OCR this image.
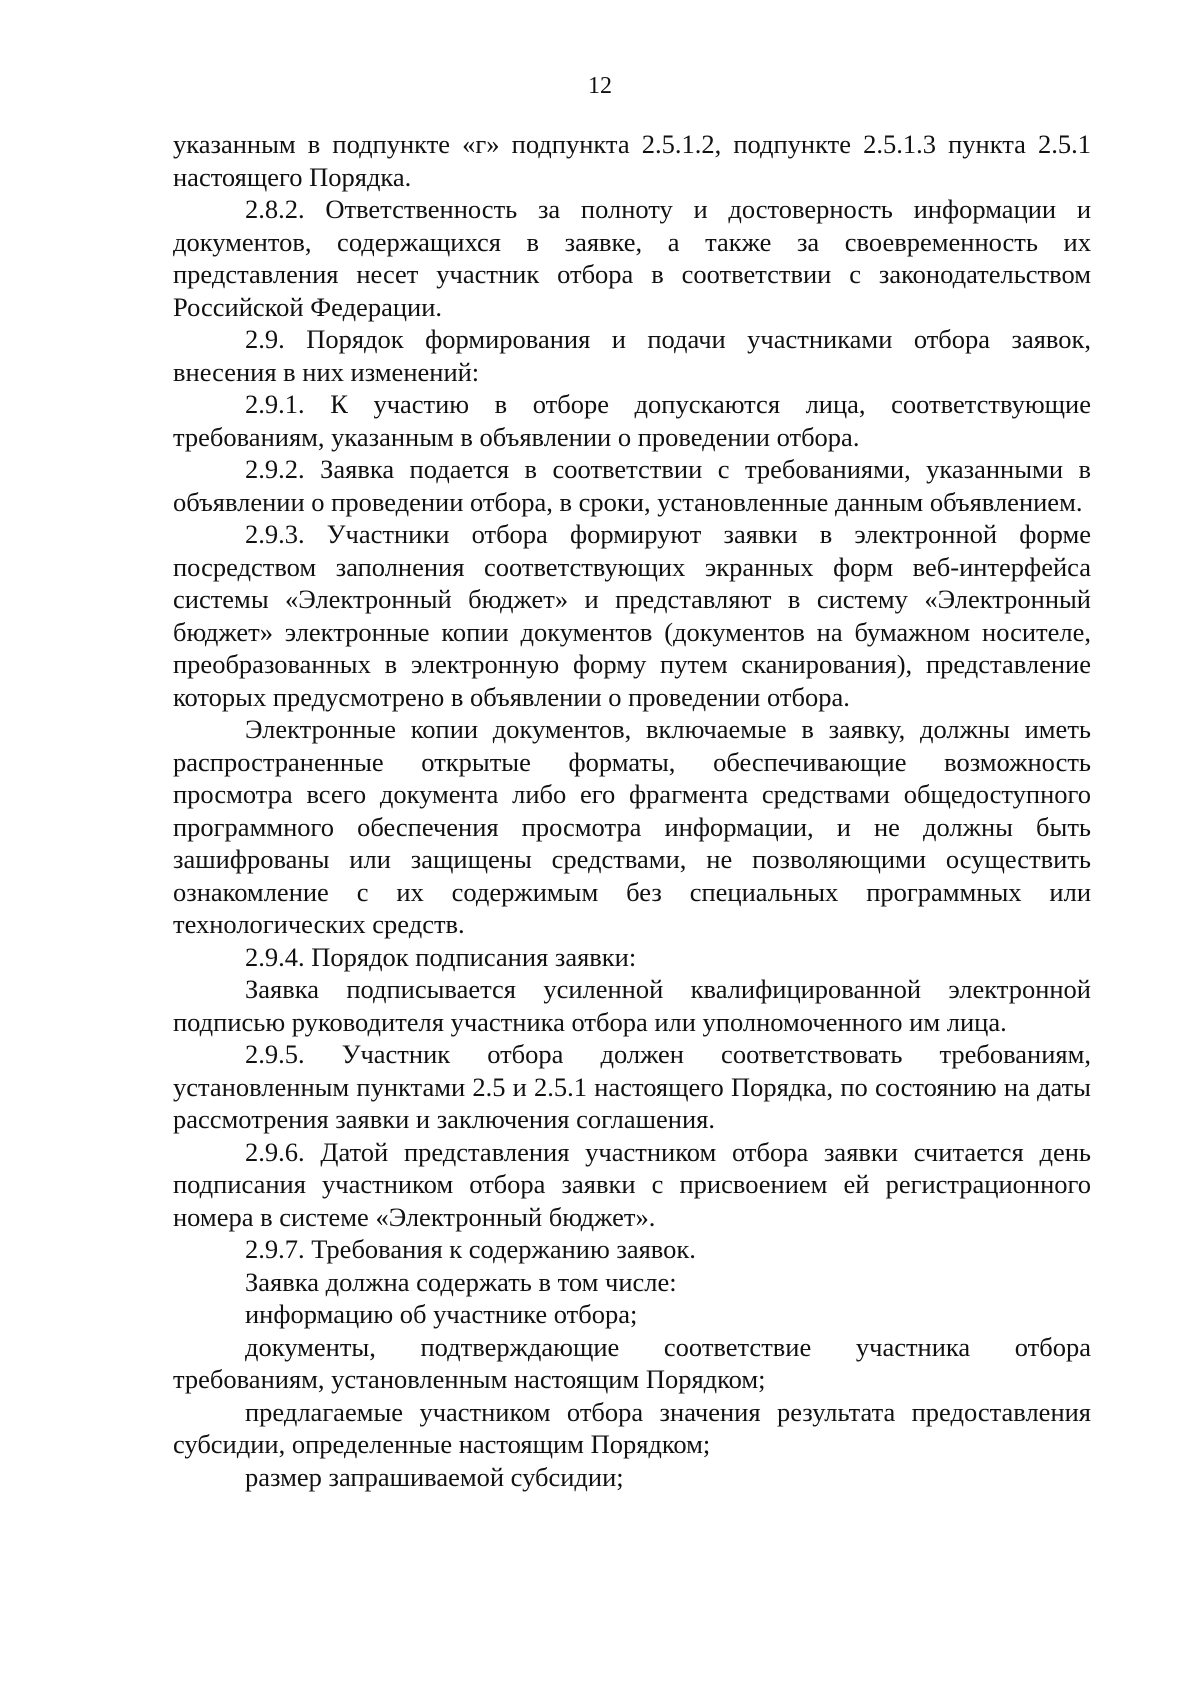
12

указанным в подпункте «г» подпункта 2.5.1.2, подпункте 2.5.1.3 пункта 2.5.1 настоящего Порядка.

2.8.2. Ответственность за полноту и достоверность информации и документов, содержащихся в заявке, а также за своевременность их представления несет участник отбора в соответствии с законодательством Российской Федерации.

2.9. Порядок формирования и подачи участниками отбора заявок, внесения в них изменений:

2.9.1. К участию в отборе допускаются лица, соответствующие требованиям, указанным в объявлении о проведении отбора.

2.9.2. Заявка подается в соответствии с требованиями, указанными в объявлении о проведении отбора, в сроки, установленные данным объявлением.

2.9.3. Участники отбора формируют заявки в электронной форме посредством заполнения соответствующих экранных форм веб-интерфейса системы «Электронный бюджет» и представляют в систему «Электронный бюджет» электронные копии документов (документов на бумажном носителе, преобразованных в электронную форму путем сканирования), представление которых предусмотрено в объявлении о проведении отбора.

Электронные копии документов, включаемые в заявку, должны иметь распространенные открытые форматы, обеспечивающие возможность просмотра всего документа либо его фрагмента средствами общедоступного программного обеспечения просмотра информации, и не должны быть зашифрованы или защищены средствами, не позволяющими осуществить ознакомление с их содержимым без специальных программных или технологических средств.

2.9.4. Порядок подписания заявки:

Заявка подписывается усиленной квалифицированной электронной подписью руководителя участника отбора или уполномоченного им лица.

2.9.5. Участник отбора должен соответствовать требованиям, установленным пунктами 2.5 и 2.5.1 настоящего Порядка, по состоянию на даты рассмотрения заявки и заключения соглашения.

2.9.6. Датой представления участником отбора заявки считается день подписания участником отбора заявки с присвоением ей регистрационного номера в системе «Электронный бюджет».

2.9.7. Требования к содержанию заявок.

Заявка должна содержать в том числе:

информацию об участнике отбора;

документы, подтверждающие соответствие участника отбора требованиям, установленным настоящим Порядком;

предлагаемые участником отбора значения результата предоставления субсидии, определенные настоящим Порядком;

размер запрашиваемой субсидии;
